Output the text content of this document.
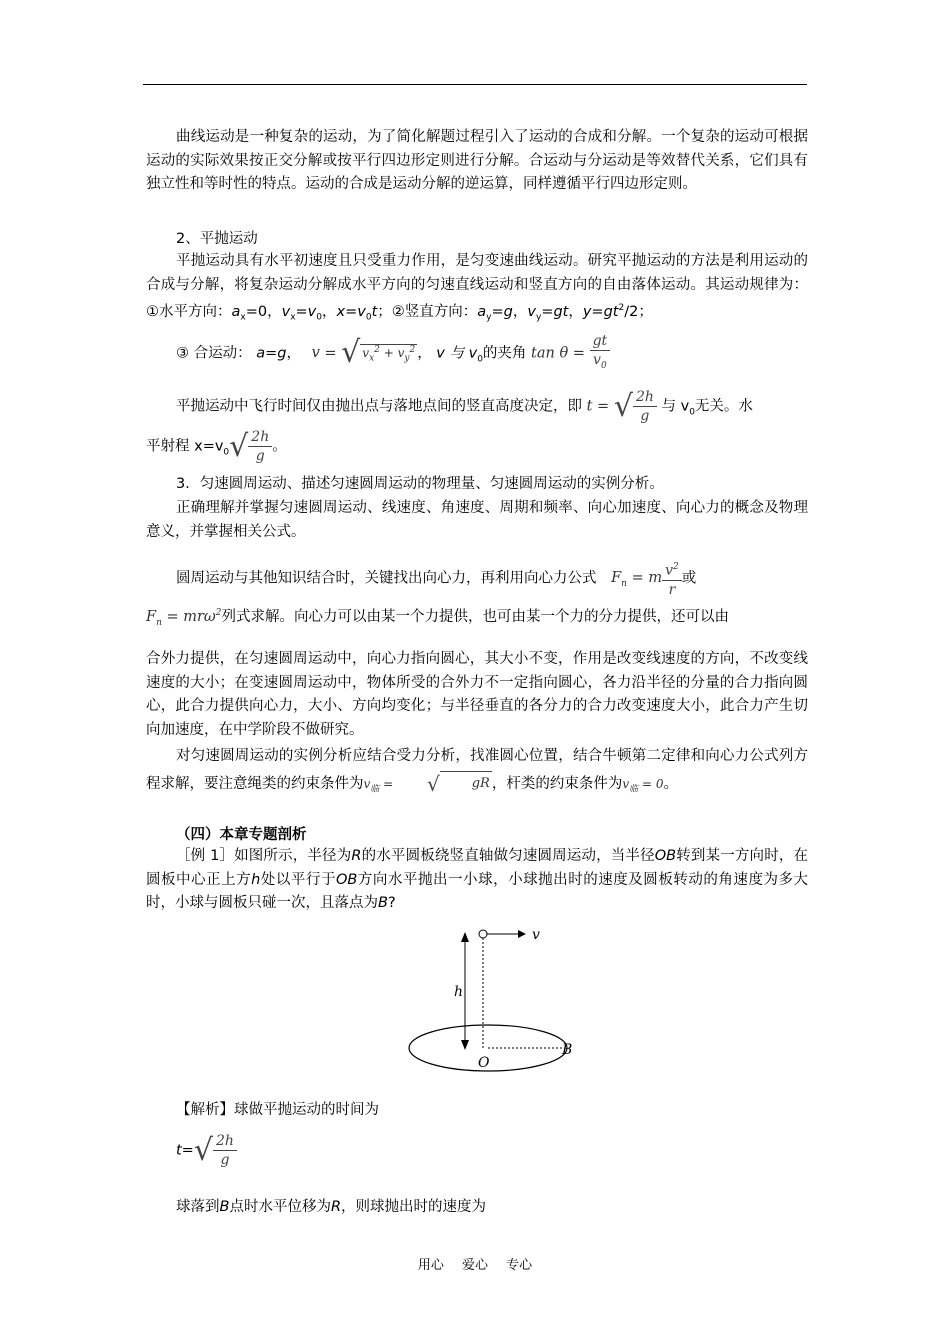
曲线运动是一种复杂的运动，为了简化解题过程引入了运动的合成和分解。一个复杂的运动可根据运动的实际效果按正交分解或按平行四边形定则进行分解。合运动与分运动是等效替代关系，它们具有独立性和等时性的特点。运动的合成是运动分解的逆运算，同样遵循平行四边形定则。
2、平抛运动
平抛运动具有水平初速度且只受重力作用，是匀变速曲线运动。研究平抛运动的方法是利用运动的合成与分解，将复杂运动分解成水平方向的匀速直线运动和竖直方向的自由落体运动。其运动规律为：①水平方向：$a_x=0$，$v_x=v_0$，$x=v_0t$；②竖直方向：$a_y=g$，$v_y=gt$，$y=gt^2/2$；
③ 合运动： a=g， v = √ $v_x^2 + v_y^2$ ， v 与 $v_0$的夹角 $\tan \theta = \frac{gt}{v_0}$
平抛运动中飞行时间仅由抛出点与落地点间的竖直高度决定，即 t = √ $\frac{2h}{g}$ 与 $v_0$无关。水
平射程 $x=v_0$ √ $\frac{2h}{g}$ 。
3．匀速圆周运动、描述匀速圆周运动的物理量、匀速圆周运动的实例分析。
正确理解并掌握匀速圆周运动、线速度、角速度、周期和频率、向心加速度、向心力的概念及物理意义，并掌握相关公式。
圆周运动与其他知识结合时，关键找出向心力，再利用向心力公式 $F_n = m \frac{v^2}{r}$ 或
$F_n = mr\omega^2$列式求解。向心力可以由某一个力提供，也可由某一个力的分力提供，还可以由
合外力提供，在匀速圆周运动中，向心力指向圆心，其大小不变，作用是改变线速度的方向，不改变线速度的大小；在变速圆周运动中，物体所受的合外力不一定指向圆心，各力沿半径的分量的合力指向圆心，此合力提供向心力，大小、方向均变化；与半径垂直的各分力的合力改变速度大小，此合力产生切向加速度，在中学阶段不做研究。
对匀速圆周运动的实例分析应结合受力分析，找准圆心位置，结合牛顿第二定律和向心力公式列方程求解，要注意绳类的约束条件为$v_临$ =	√	gR ，杆类的约束条件为$v_临 = 0$。
（四）本章专题剖析
［例 1］如图所示，半径为R的水平圆板绕竖直轴做匀速圆周运动，当半径OB转到某一方向时，在圆板中心正上方h处以平行于OB方向水平抛出一小球，小球抛出时的速度及圆板转动的角速度为多大时，小球与圆板只碰一次，且落点为B?
v
h
O
B
【解析】球做平抛运动的时间为
t= √ $\frac{2h}{g}$
球落到B点时水平位移为R，则球抛出时的速度为
用心 爱心 专心
